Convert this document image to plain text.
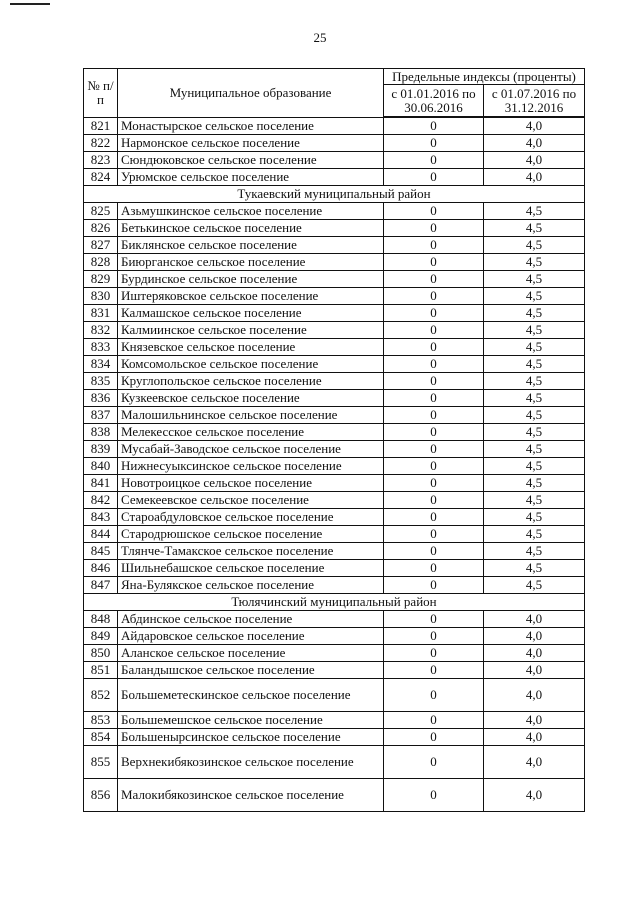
25
№ п/п	Муниципальное образование	Предельные индексы (проценты)	
		с 01.01.2016 по 30.06.2016	с 01.07.2016 по 31.12.2016

821	Монастырское сельское поселение	0	4,0
822	Нармонское сельское поселение	0	4,0
823	Сюндюковское сельское поселение	0	4,0
824	Урюмское сельское поселение	0	4,0
Тукаевский муниципальный район			
825	Азьмушкинское сельское поселение	0	4,5
826	Бетькинское сельское поселение	0	4,5
827	Биклянское сельское поселение	0	4,5
828	Биюрганское сельское поселение	0	4,5
829	Бурдинское сельское поселение	0	4,5
830	Иштеряковское сельское поселение	0	4,5
831	Калмашское сельское поселение	0	4,5
832	Калмиинское сельское поселение	0	4,5
833	Князевское сельское поселение	0	4,5
834	Комсомольское сельское поселение	0	4,5
835	Круглопольское сельское поселение	0	4,5
836	Кузкеевское сельское поселение	0	4,5
837	Малошильнинское сельское поселение	0	4,5
838	Мелекесское сельское поселение	0	4,5
839	Мусабай-Заводское сельское поселение	0	4,5
840	Нижнесуыксинское сельское поселение	0	4,5
841	Новотроицкое сельское поселение	0	4,5
842	Семекеевское сельское поселение	0	4,5
843	Староабдуловское сельское поселение	0	4,5
844	Стародрюшское сельское поселение	0	4,5
845	Тлянче-Тамакское сельское поселение	0	4,5
846	Шильнебашское сельское поселение	0	4,5
847	Яна-Булякское сельское поселение	0	4,5
Тюлячинский муниципальный район			
848	Абдинское сельское поселение	0	4,0
849	Айдаровское сельское поселение	0	4,0
850	Аланское сельское поселение	0	4,0
851	Баландышское сельское поселение	0	4,0
852	Большеметескинское сельское поселение	0	4,0
853	Большемешское сельское поселение	0	4,0
854	Большенырсинское сельское поселение	0	4,0
855	Верхнекибякозинское сельское поселение	0	4,0
856	Малокибякозинское сельское поселение	0	4,0
